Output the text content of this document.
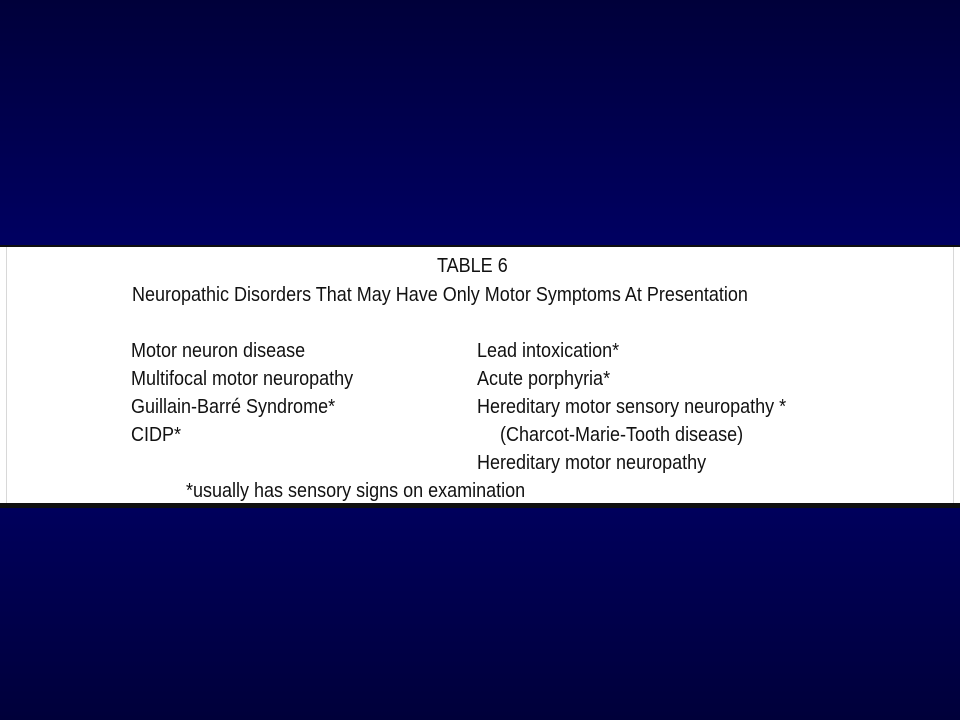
TABLE 6
Neuropathic Disorders That May Have Only Motor Symptoms At Presentation
Motor neuron disease
Multifocal motor neuropathy
Guillain-Barré Syndrome*
CIDP*
Lead intoxication*
Acute porphyria*
Hereditary motor sensory neuropathy *
(Charcot-Marie-Tooth disease)
Hereditary motor neuropathy
*usually has sensory signs on examination
